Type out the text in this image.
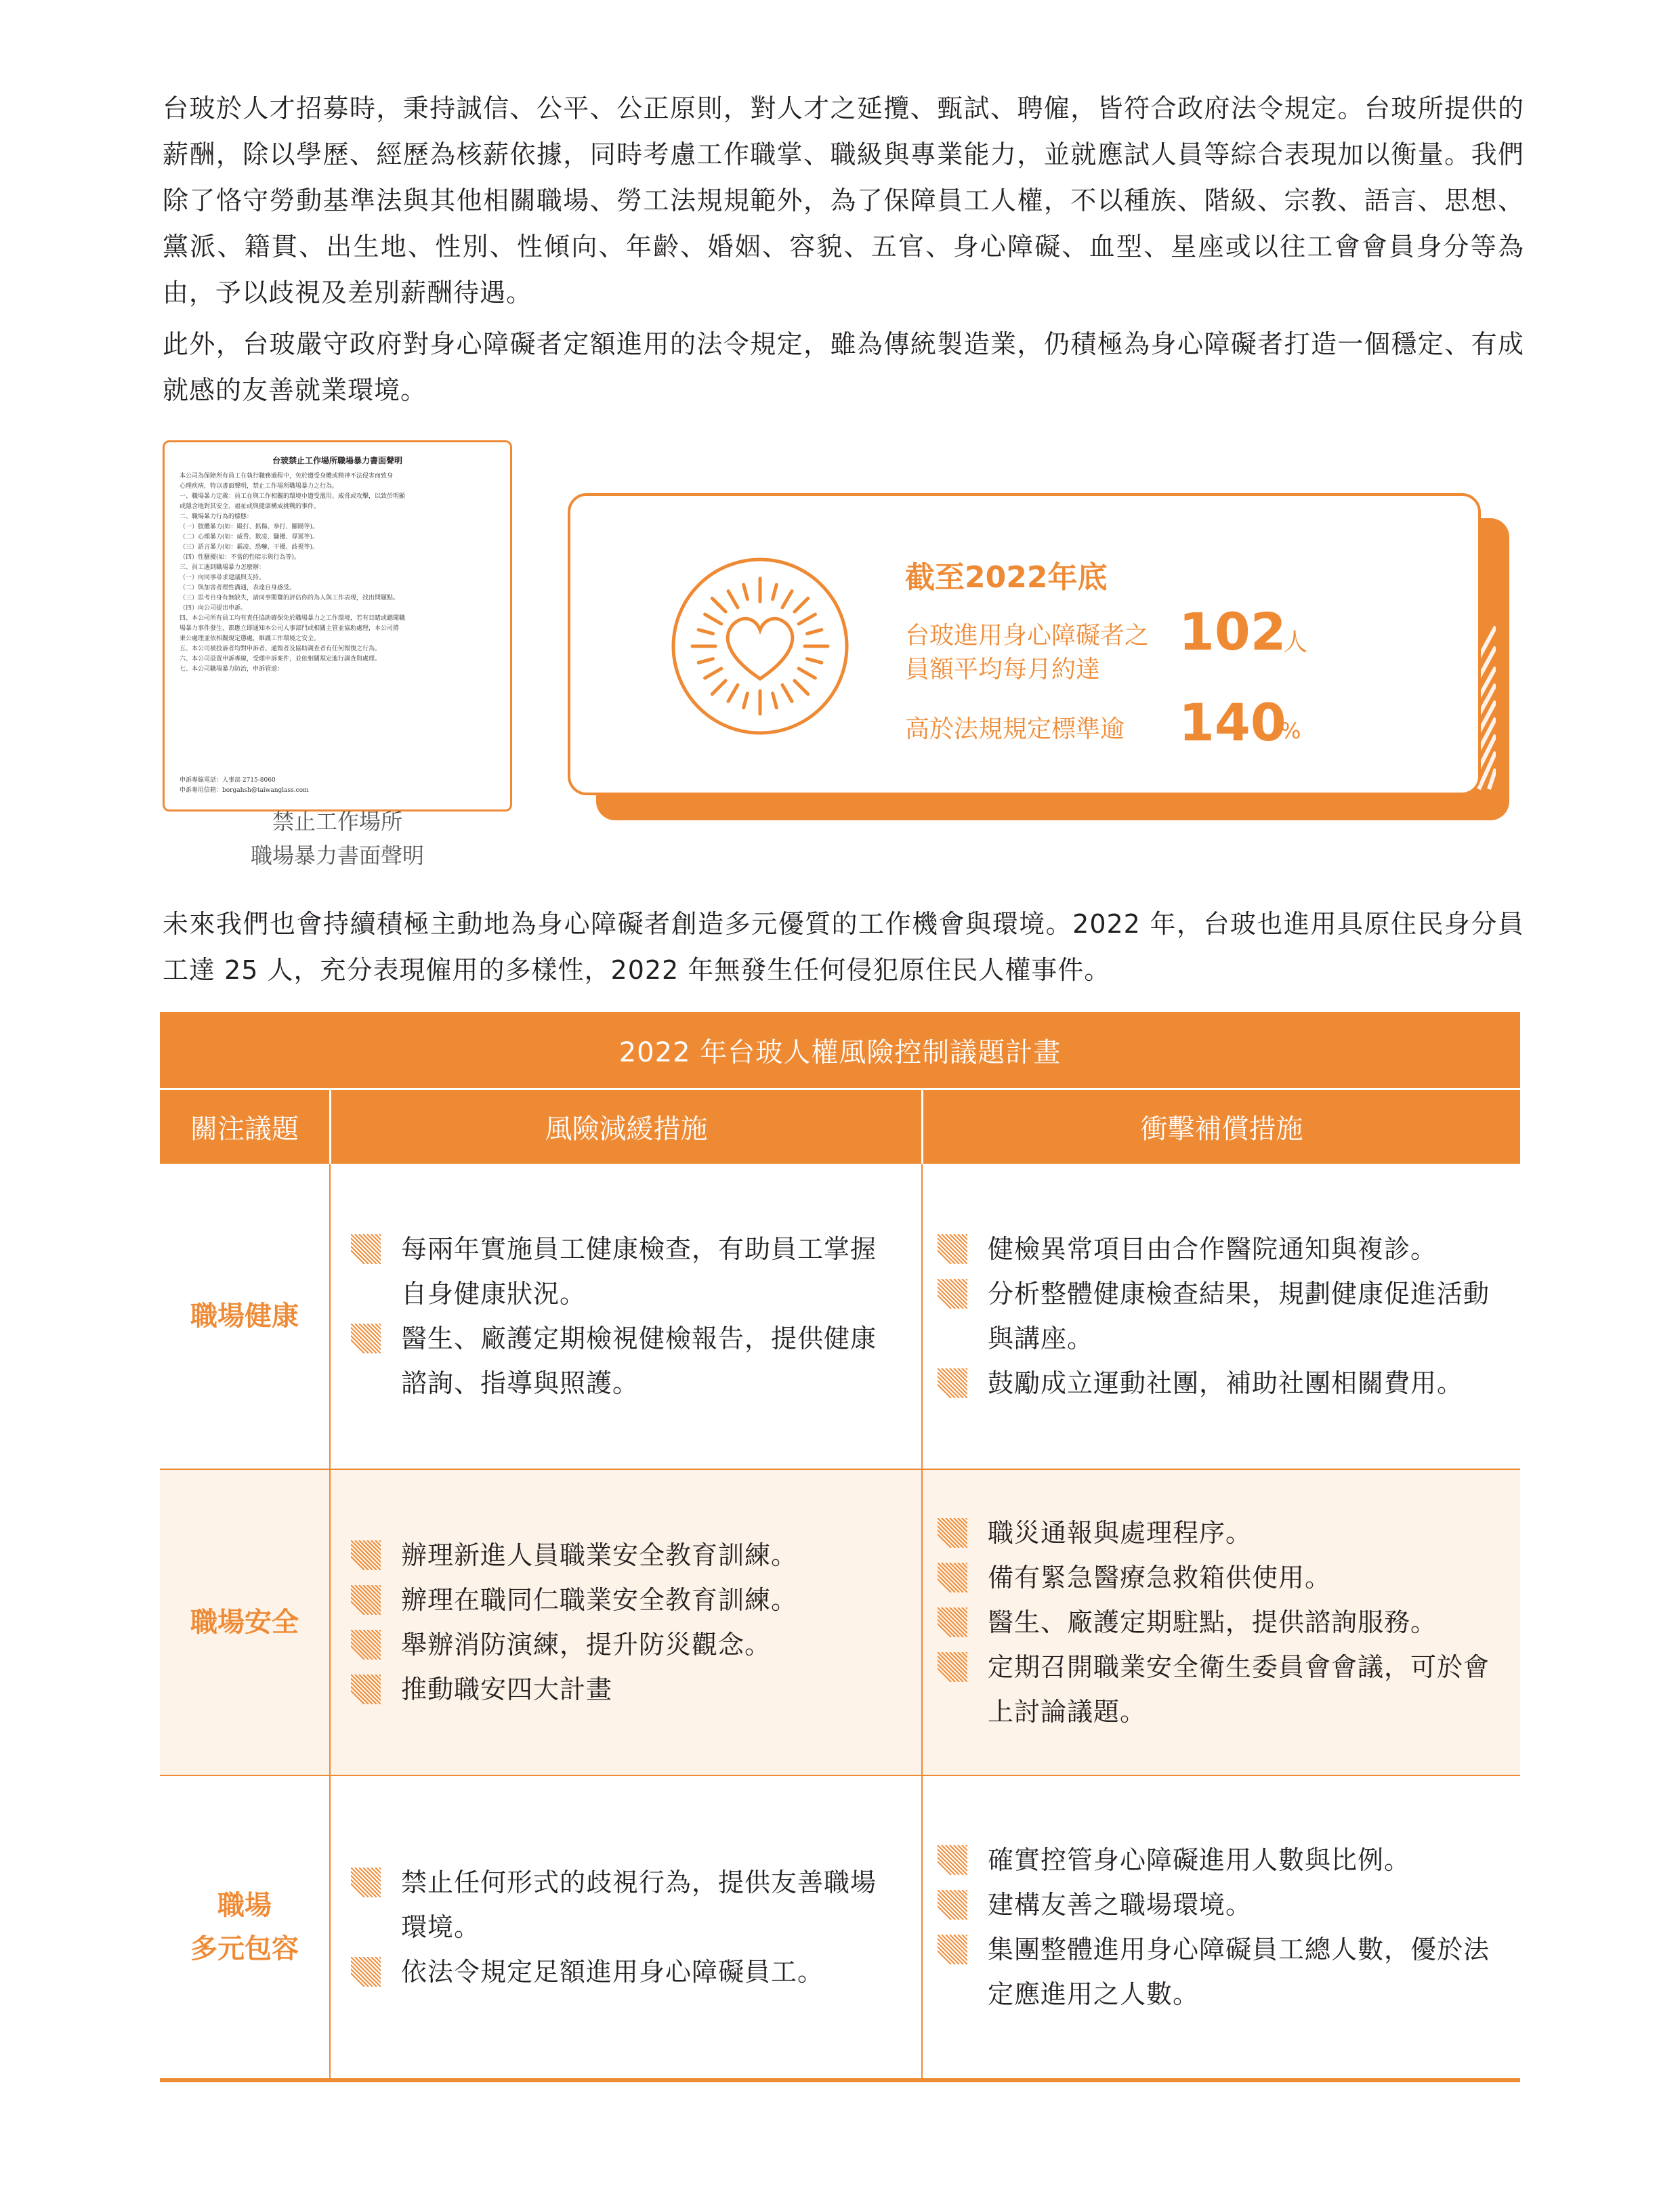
台玻於人才招募時，秉持誠信、公平、公正原則，對人才之延攬、甄試、聘僱，皆符合政府法令規定。台玻所提供的薪酬，除以學歷、經歷為核薪依據，同時考慮工作職掌、職級與專業能力，並就應試人員等綜合表現加以衡量。我們除了恪守勞動基準法與其他相關職場、勞工法規規範外，為了保障員工人權，不以種族、階級、宗教、語言、思想、黨派、籍貫、出生地、性別、性傾向、年齡、婚姻、容貌、五官、身心障礙、血型、星座或以往工會會員身分等為由，予以歧視及差別薪酬待遇。
此外，台玻嚴守政府對身心障礙者定額進用的法令規定，雖為傳統製造業，仍積極為身心障礙者打造一個穩定、有成就感的友善就業環境。
台玻禁止工作場所職場暴力書面聲明
本公司為保障所有員工在執行職務過程中，免於遭受身體或精神不法侵害而致身
心理疾病，特以書面聲明，禁止工作場所職場暴力之行為。
一、職場暴力定義：員工在與工作相關的環境中遭受濫用、威脅或攻擊，以致於明顯
或隱含地對其安全、福祉或與健康構成挑戰的事件。
二、職場暴力行為的樣態：
（一）肢體暴力(如：毆打、抓傷、拳打、腳踢等)。
（二）心理暴力(如：威脅、欺凌、騷擾、辱罵等)。
（三）語言暴力(如：霸凌、恐嚇、干擾、歧視等)。
（四）性騷擾(如：不當的性暗示與行為等)。
三、員工遇到職場暴力怎麼辦：
（一）向同事尋求建議與支持。
（二）與加害者理性溝通，表達自身感受。
（三）思考自身有無缺失，請同事閱覽的評估你的為人與工作表現，找出問題點。
（四）向公司提出申訴。
四、本公司所有員工均有責任協助確保免於職場暴力之工作環境，若有目睹或聽聞職
場暴力事件發生，都應立即通知本公司人事部門或相關主管並協助處理，本公司將
秉公處理並依相關規定懲處，維護工作環境之安全。
五、本公司被投訴者均對申訴者、通報者及協助調查者有任何報復之行為。
六、本公司設置申訴專線，受理申訴案件，並依相關規定進行調查與處理。
七、本公司職場暴力防治，申訴管道：
申訴專線電話：人事部 2715-8060
申訴專用信箱：borgahsh@taiwanglass.com
禁止工作場所
職場暴力書面聲明
截至2022年底
台玻進用身心障礙者之
員額平均每月約達
102
人
高於法規規定標準逾 140
%
未來我們也會持續積極主動地為身心障礙者創造多元優質的工作機會與環境。2022 年，台玻也進用具原住民身分員工達 25 人，充分表現僱用的多樣性，2022 年無發生任何侵犯原住民人權事件。
2022 年台玻人權風險控制議題計畫
關注議題	風險減緩措施	衝擊補償措施
職場健康
每兩年實施員工健康檢查，有助員工掌握自身健康狀況。
醫生、廠護定期檢視健檢報告，提供健康諮詢、指導與照護。
健檢異常項目由合作醫院通知與複診。
分析整體健康檢查結果，規劃健康促進活動與講座。
鼓勵成立運動社團，補助社團相關費用。
職場安全
辦理新進人員職業安全教育訓練。
辦理在職同仁職業安全教育訓練。
舉辦消防演練，提升防災觀念。
推動職安四大計畫
職災通報與處理程序。
備有緊急醫療急救箱供使用。
醫生、廠護定期駐點，提供諮詢服務。
定期召開職業安全衛生委員會會議，可於會上討論議題。
職場
多元包容
禁止任何形式的歧視行為，提供友善職場環境。
依法令規定足額進用身心障礙員工。
確實控管身心障礙進用人數與比例。
建構友善之職場環境。
集團整體進用身心障礙員工總人數，優於法定應進用之人數。
